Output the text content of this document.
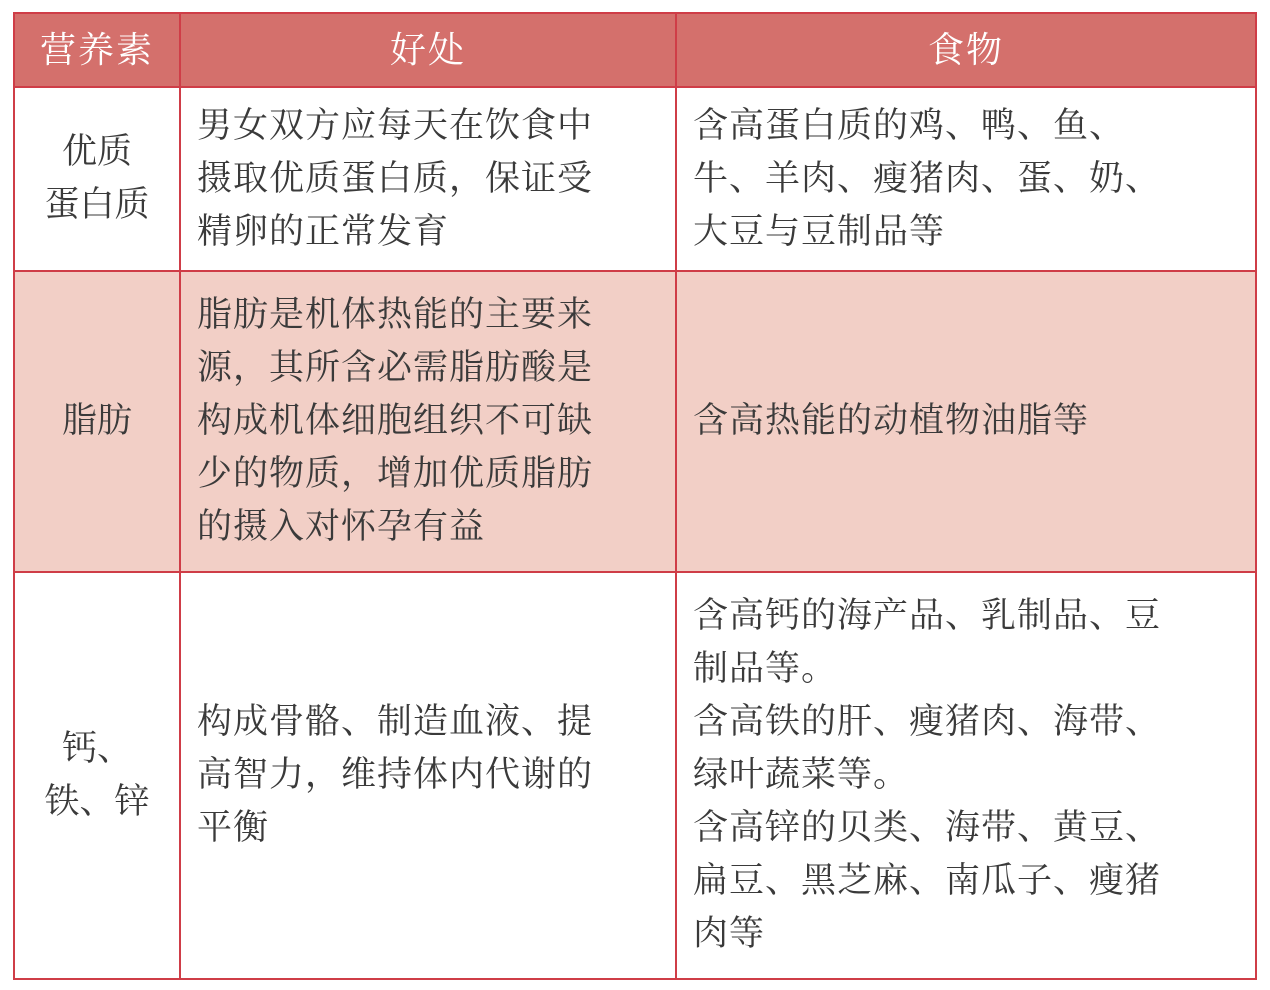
营养素	好处	食物
优质
蛋白质
男女双方应每天在饮食中
摄取优质蛋白质，保证受
精卵的正常发育
含高蛋白质的鸡、鸭、鱼、
牛、羊肉、瘦猪肉、蛋、奶、
大豆与豆制品等
脂肪
脂肪是机体热能的主要来
源，其所含必需脂肪酸是
构成机体细胞组织不可缺
少的物质，增加优质脂肪
的摄入对怀孕有益
含高热能的动植物油脂等
钙、
铁、锌
构成骨骼、制造血液、提
高智力，维持体内代谢的
平衡
含高钙的海产品、乳制品、豆
制品等。
含高铁的肝、瘦猪肉、海带、
绿叶蔬菜等。
含高锌的贝类、海带、黄豆、
扁豆、黑芝麻、南瓜子、瘦猪
肉等
